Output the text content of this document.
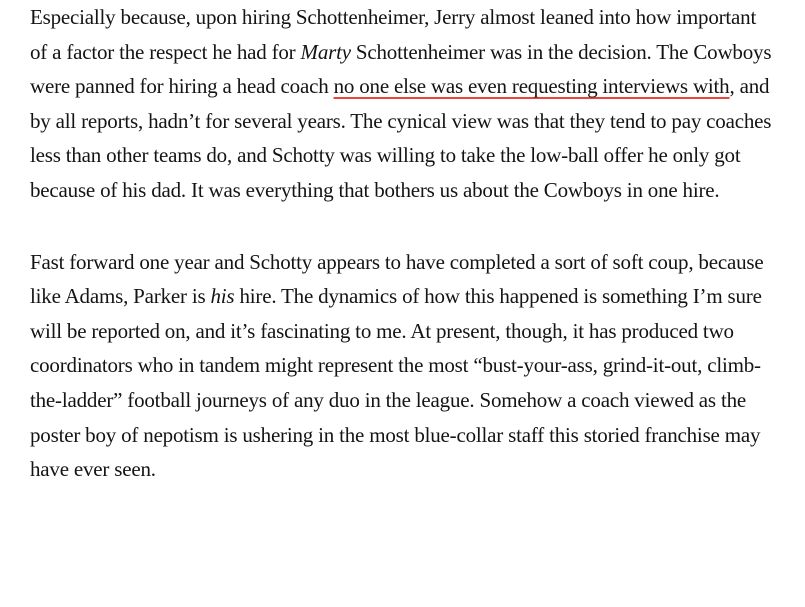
Especially because, upon hiring Schottenheimer, Jerry almost leaned into how important of a factor the respect he had for Marty Schottenheimer was in the decision. The Cowboys were panned for hiring a head coach no one else was even requesting interviews with, and by all reports, hadn’t for several years. The cynical view was that they tend to pay coaches less than other teams do, and Schotty was willing to take the low-ball offer he only got because of his dad. It was everything that bothers us about the Cowboys in one hire.

Fast forward one year and Schotty appears to have completed a sort of soft coup, because like Adams, Parker is his hire. The dynamics of how this happened is something I’m sure will be reported on, and it’s fascinating to me. At present, though, it has produced two coordinators who in tandem might represent the most “bust-your-ass, grind-it-out, climb-the-ladder” football journeys of any duo in the league. Somehow a coach viewed as the poster boy of nepotism is ushering in the most blue-collar staff this storied franchise may have ever seen.
